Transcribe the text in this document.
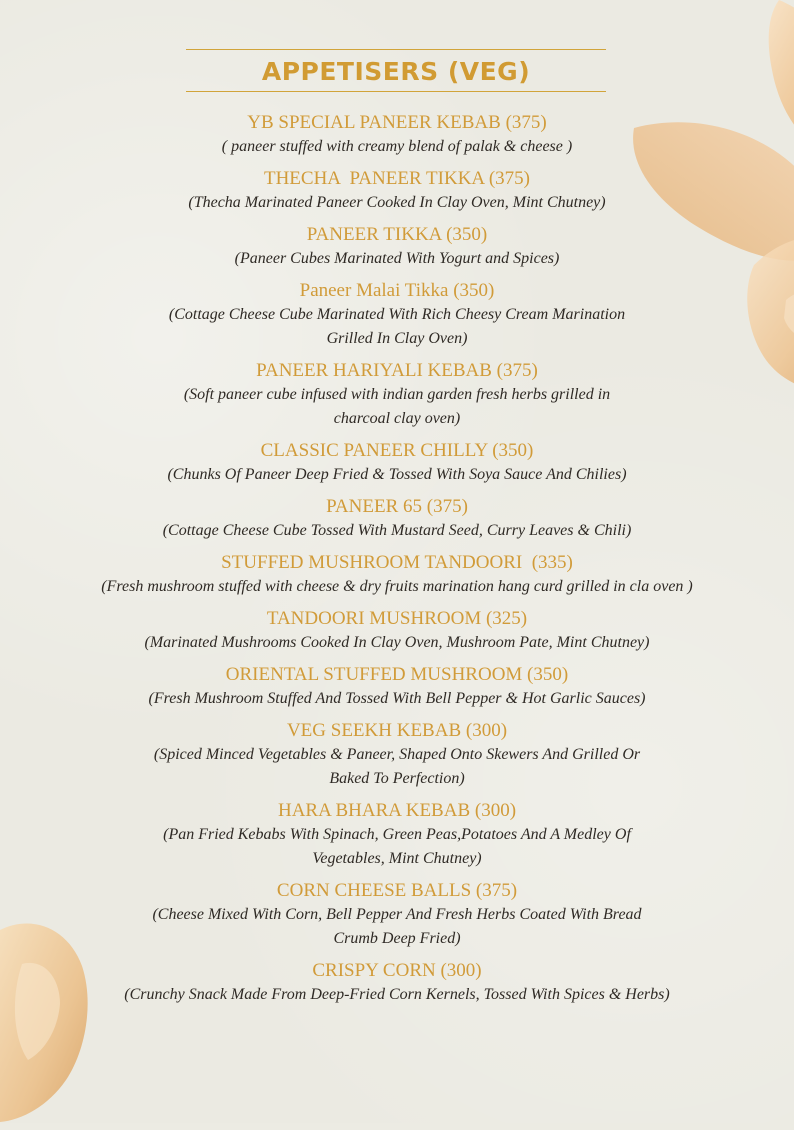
APPETISERS (VEG)
YB SPECIAL PANEER KEBAB (375)
( paneer stuffed with creamy blend of palak & cheese )
THECHA  PANEER TIKKA (375)
(Thecha Marinated Paneer Cooked In Clay Oven, Mint Chutney)
PANEER TIKKA (350)
(Paneer Cubes Marinated With Yogurt and Spices)
Paneer Malai Tikka (350)
(Cottage Cheese Cube Marinated With Rich Cheesy Cream Marination
Grilled In Clay Oven)
PANEER HARIYALI KEBAB (375)
(Soft paneer cube infused with indian garden fresh herbs grilled in
charcoal clay oven)
CLASSIC PANEER CHILLY (350)
(Chunks Of Paneer Deep Fried & Tossed With Soya Sauce And Chilies)
PANEER 65 (375)
(Cottage Cheese Cube Tossed With Mustard Seed, Curry Leaves & Chili)
STUFFED MUSHROOM TANDOORI  (335)
(Fresh mushroom stuffed with cheese & dry fruits marination hang curd grilled in cla oven )
TANDOORI MUSHROOM (325)
(Marinated Mushrooms Cooked In Clay Oven, Mushroom Pate, Mint Chutney)
ORIENTAL STUFFED MUSHROOM (350)
(Fresh Mushroom Stuffed And Tossed With Bell Pepper & Hot Garlic Sauces)
VEG SEEKH KEBAB (300)
(Spiced Minced Vegetables & Paneer, Shaped Onto Skewers And Grilled Or
Baked To Perfection)
HARA BHARA KEBAB (300)
(Pan Fried Kebabs With Spinach, Green Peas,Potatoes And A Medley Of
Vegetables, Mint Chutney)
CORN CHEESE BALLS (375)
(Cheese Mixed With Corn, Bell Pepper And Fresh Herbs Coated With Bread
Crumb Deep Fried)
CRISPY CORN (300)
(Crunchy Snack Made From Deep-Fried Corn Kernels, Tossed With Spices & Herbs)
